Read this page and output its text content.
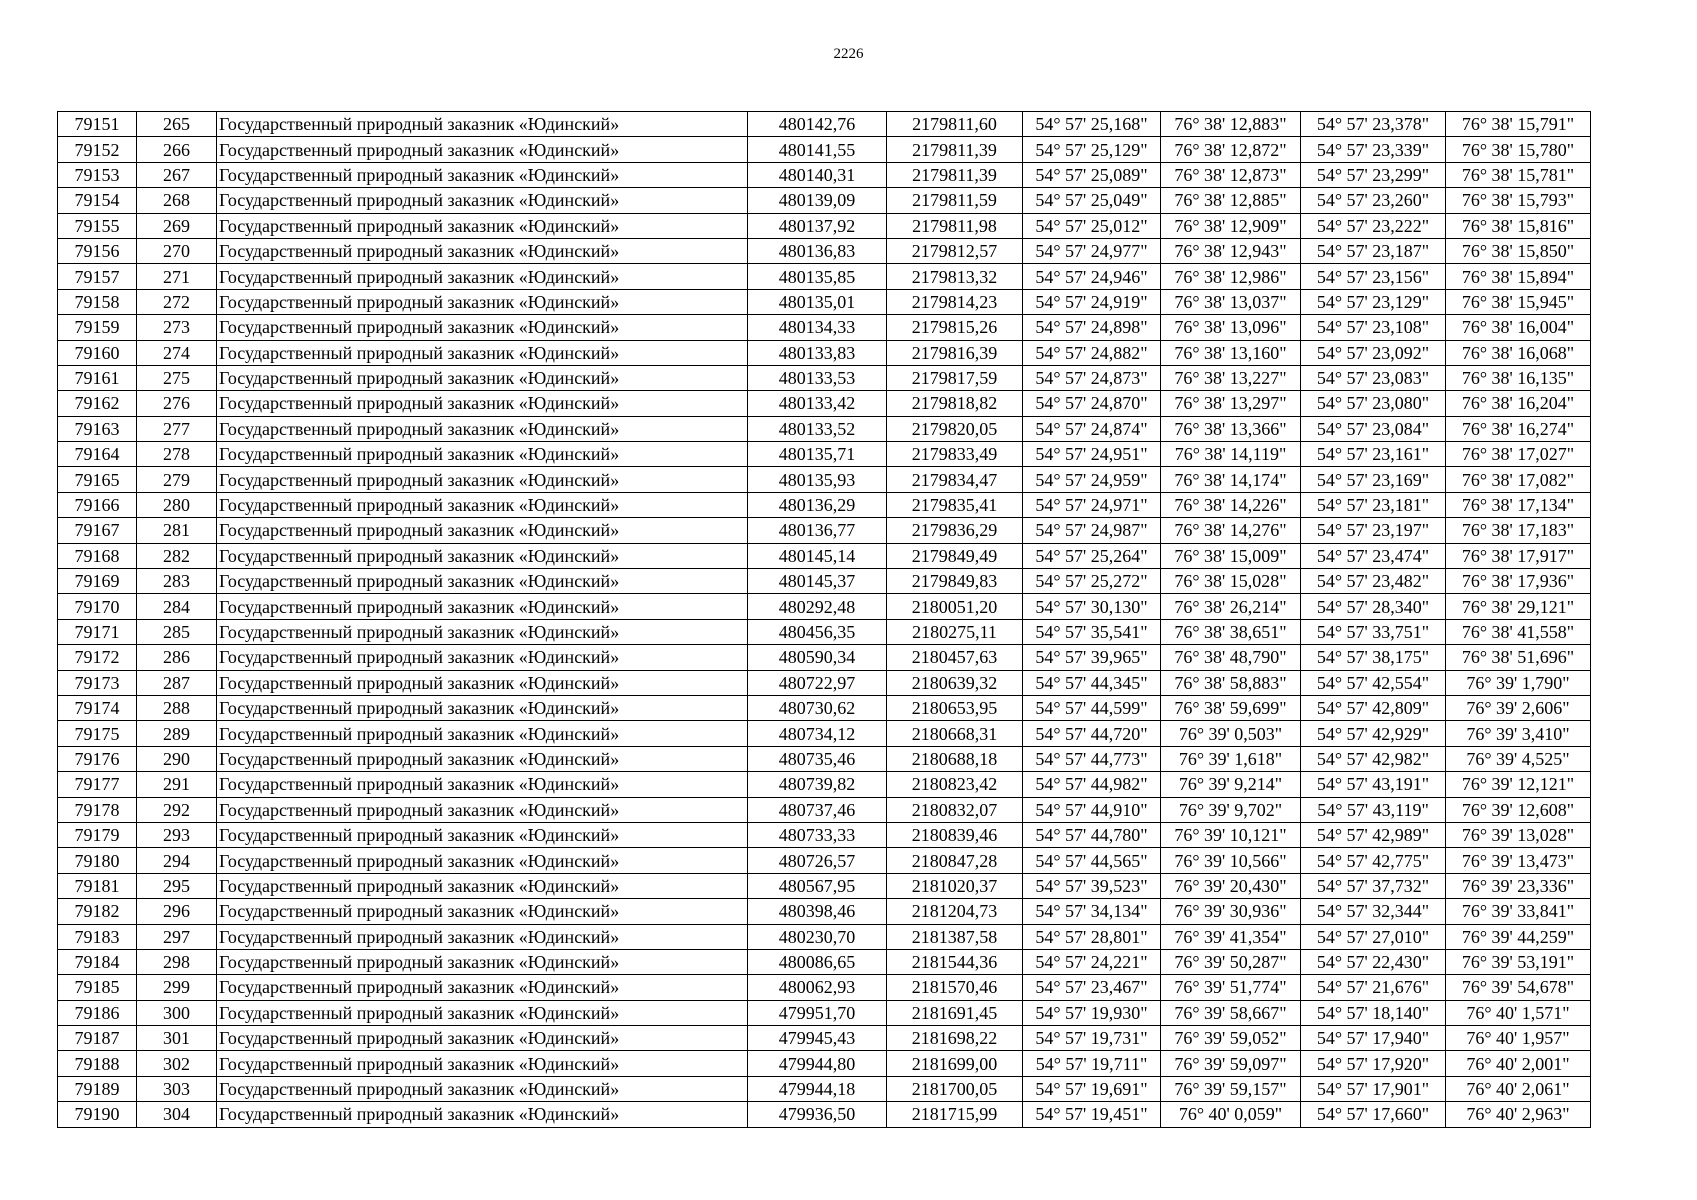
2226
79151	265	Государственный природный заказник «Юдинский»	480142,76	2179811,60	54° 57' 25,168"	76° 38' 12,883"	54° 57' 23,378"	76° 38' 15,791"
79152	266	Государственный природный заказник «Юдинский»	480141,55	2179811,39	54° 57' 25,129"	76° 38' 12,872"	54° 57' 23,339"	76° 38' 15,780"
79153	267	Государственный природный заказник «Юдинский»	480140,31	2179811,39	54° 57' 25,089"	76° 38' 12,873"	54° 57' 23,299"	76° 38' 15,781"
79154	268	Государственный природный заказник «Юдинский»	480139,09	2179811,59	54° 57' 25,049"	76° 38' 12,885"	54° 57' 23,260"	76° 38' 15,793"
79155	269	Государственный природный заказник «Юдинский»	480137,92	2179811,98	54° 57' 25,012"	76° 38' 12,909"	54° 57' 23,222"	76° 38' 15,816"
79156	270	Государственный природный заказник «Юдинский»	480136,83	2179812,57	54° 57' 24,977"	76° 38' 12,943"	54° 57' 23,187"	76° 38' 15,850"
79157	271	Государственный природный заказник «Юдинский»	480135,85	2179813,32	54° 57' 24,946"	76° 38' 12,986"	54° 57' 23,156"	76° 38' 15,894"
79158	272	Государственный природный заказник «Юдинский»	480135,01	2179814,23	54° 57' 24,919"	76° 38' 13,037"	54° 57' 23,129"	76° 38' 15,945"
79159	273	Государственный природный заказник «Юдинский»	480134,33	2179815,26	54° 57' 24,898"	76° 38' 13,096"	54° 57' 23,108"	76° 38' 16,004"
79160	274	Государственный природный заказник «Юдинский»	480133,83	2179816,39	54° 57' 24,882"	76° 38' 13,160"	54° 57' 23,092"	76° 38' 16,068"
79161	275	Государственный природный заказник «Юдинский»	480133,53	2179817,59	54° 57' 24,873"	76° 38' 13,227"	54° 57' 23,083"	76° 38' 16,135"
79162	276	Государственный природный заказник «Юдинский»	480133,42	2179818,82	54° 57' 24,870"	76° 38' 13,297"	54° 57' 23,080"	76° 38' 16,204"
79163	277	Государственный природный заказник «Юдинский»	480133,52	2179820,05	54° 57' 24,874"	76° 38' 13,366"	54° 57' 23,084"	76° 38' 16,274"
79164	278	Государственный природный заказник «Юдинский»	480135,71	2179833,49	54° 57' 24,951"	76° 38' 14,119"	54° 57' 23,161"	76° 38' 17,027"
79165	279	Государственный природный заказник «Юдинский»	480135,93	2179834,47	54° 57' 24,959"	76° 38' 14,174"	54° 57' 23,169"	76° 38' 17,082"
79166	280	Государственный природный заказник «Юдинский»	480136,29	2179835,41	54° 57' 24,971"	76° 38' 14,226"	54° 57' 23,181"	76° 38' 17,134"
79167	281	Государственный природный заказник «Юдинский»	480136,77	2179836,29	54° 57' 24,987"	76° 38' 14,276"	54° 57' 23,197"	76° 38' 17,183"
79168	282	Государственный природный заказник «Юдинский»	480145,14	2179849,49	54° 57' 25,264"	76° 38' 15,009"	54° 57' 23,474"	76° 38' 17,917"
79169	283	Государственный природный заказник «Юдинский»	480145,37	2179849,83	54° 57' 25,272"	76° 38' 15,028"	54° 57' 23,482"	76° 38' 17,936"
79170	284	Государственный природный заказник «Юдинский»	480292,48	2180051,20	54° 57' 30,130"	76° 38' 26,214"	54° 57' 28,340"	76° 38' 29,121"
79171	285	Государственный природный заказник «Юдинский»	480456,35	2180275,11	54° 57' 35,541"	76° 38' 38,651"	54° 57' 33,751"	76° 38' 41,558"
79172	286	Государственный природный заказник «Юдинский»	480590,34	2180457,63	54° 57' 39,965"	76° 38' 48,790"	54° 57' 38,175"	76° 38' 51,696"
79173	287	Государственный природный заказник «Юдинский»	480722,97	2180639,32	54° 57' 44,345"	76° 38' 58,883"	54° 57' 42,554"	76° 39' 1,790"
79174	288	Государственный природный заказник «Юдинский»	480730,62	2180653,95	54° 57' 44,599"	76° 38' 59,699"	54° 57' 42,809"	76° 39' 2,606"
79175	289	Государственный природный заказник «Юдинский»	480734,12	2180668,31	54° 57' 44,720"	76° 39' 0,503"	54° 57' 42,929"	76° 39' 3,410"
79176	290	Государственный природный заказник «Юдинский»	480735,46	2180688,18	54° 57' 44,773"	76° 39' 1,618"	54° 57' 42,982"	76° 39' 4,525"
79177	291	Государственный природный заказник «Юдинский»	480739,82	2180823,42	54° 57' 44,982"	76° 39' 9,214"	54° 57' 43,191"	76° 39' 12,121"
79178	292	Государственный природный заказник «Юдинский»	480737,46	2180832,07	54° 57' 44,910"	76° 39' 9,702"	54° 57' 43,119"	76° 39' 12,608"
79179	293	Государственный природный заказник «Юдинский»	480733,33	2180839,46	54° 57' 44,780"	76° 39' 10,121"	54° 57' 42,989"	76° 39' 13,028"
79180	294	Государственный природный заказник «Юдинский»	480726,57	2180847,28	54° 57' 44,565"	76° 39' 10,566"	54° 57' 42,775"	76° 39' 13,473"
79181	295	Государственный природный заказник «Юдинский»	480567,95	2181020,37	54° 57' 39,523"	76° 39' 20,430"	54° 57' 37,732"	76° 39' 23,336"
79182	296	Государственный природный заказник «Юдинский»	480398,46	2181204,73	54° 57' 34,134"	76° 39' 30,936"	54° 57' 32,344"	76° 39' 33,841"
79183	297	Государственный природный заказник «Юдинский»	480230,70	2181387,58	54° 57' 28,801"	76° 39' 41,354"	54° 57' 27,010"	76° 39' 44,259"
79184	298	Государственный природный заказник «Юдинский»	480086,65	2181544,36	54° 57' 24,221"	76° 39' 50,287"	54° 57' 22,430"	76° 39' 53,191"
79185	299	Государственный природный заказник «Юдинский»	480062,93	2181570,46	54° 57' 23,467"	76° 39' 51,774"	54° 57' 21,676"	76° 39' 54,678"
79186	300	Государственный природный заказник «Юдинский»	479951,70	2181691,45	54° 57' 19,930"	76° 39' 58,667"	54° 57' 18,140"	76° 40' 1,571"
79187	301	Государственный природный заказник «Юдинский»	479945,43	2181698,22	54° 57' 19,731"	76° 39' 59,052"	54° 57' 17,940"	76° 40' 1,957"
79188	302	Государственный природный заказник «Юдинский»	479944,80	2181699,00	54° 57' 19,711"	76° 39' 59,097"	54° 57' 17,920"	76° 40' 2,001"
79189	303	Государственный природный заказник «Юдинский»	479944,18	2181700,05	54° 57' 19,691"	76° 39' 59,157"	54° 57' 17,901"	76° 40' 2,061"
79190	304	Государственный природный заказник «Юдинский»	479936,50	2181715,99	54° 57' 19,451"	76° 40' 0,059"	54° 57' 17,660"	76° 40' 2,963"
